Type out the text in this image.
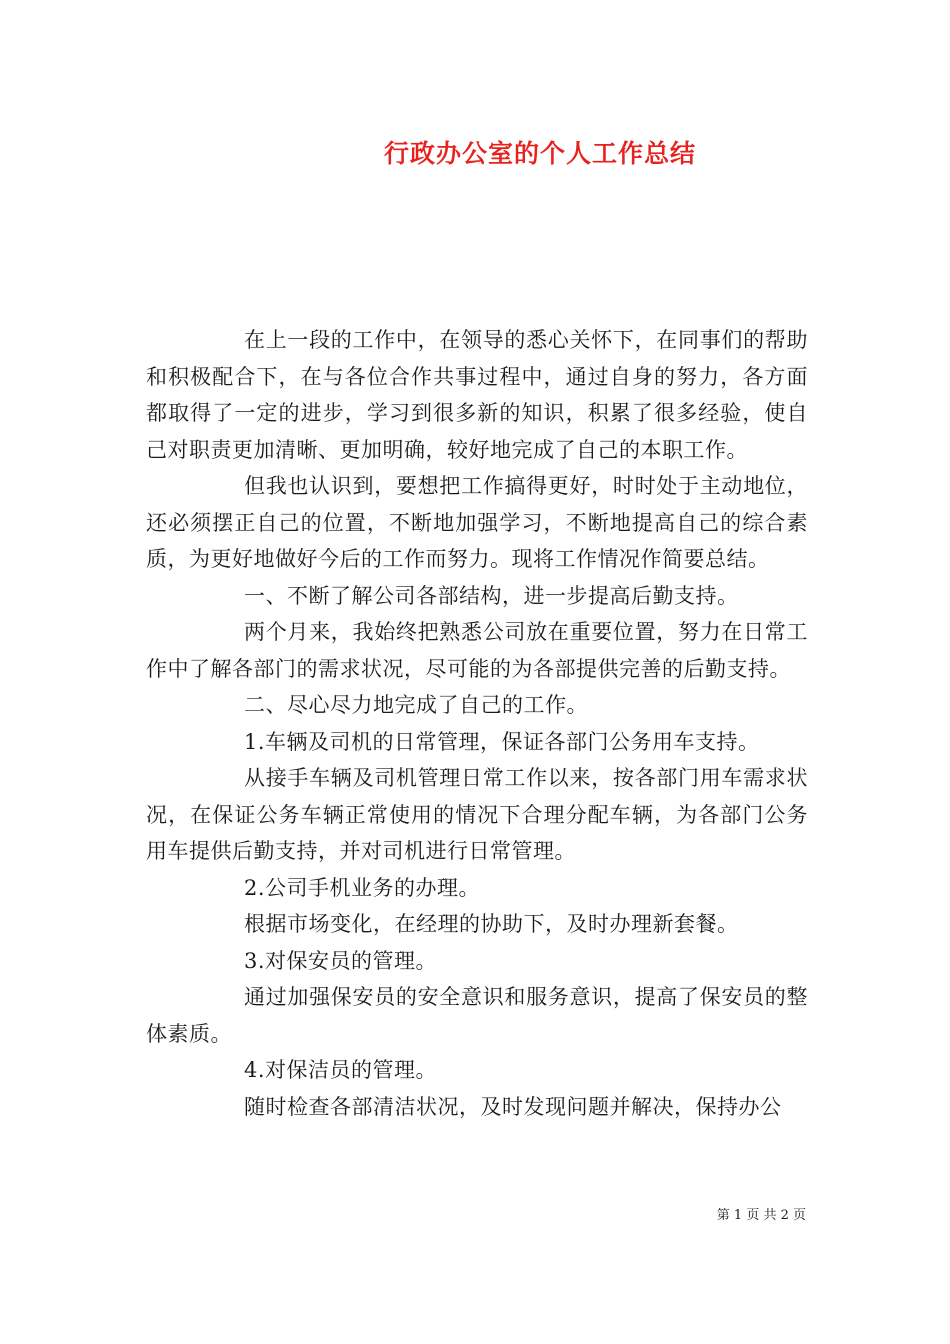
行政办公室的个人工作总结

在上一段的工作中，在领导的悉心关怀下，在同事们的帮助和积极配合下，在与各位合作共事过程中，通过自身的努力，各方面都取得了一定的进步，学习到很多新的知识，积累了很多经验，使自己对职责更加清晰、更加明确，较好地完成了自己的本职工作。

但我也认识到，要想把工作搞得更好，时时处于主动地位，还必须摆正自己的位置，不断地加强学习，不断地提高自己的综合素质，为更好地做好今后的工作而努力。现将工作情况作简要总结。

一、不断了解公司各部结构，进一步提高后勤支持。

两个月来，我始终把熟悉公司放在重要位置，努力在日常工作中了解各部门的需求状况，尽可能的为各部提供完善的后勤支持。

二、尽心尽力地完成了自己的工作。

1.车辆及司机的日常管理，保证各部门公务用车支持。

从接手车辆及司机管理日常工作以来，按各部门用车需求状况，在保证公务车辆正常使用的情况下合理分配车辆，为各部门公务用车提供后勤支持，并对司机进行日常管理。

2.公司手机业务的办理。

根据市场变化，在经理的协助下，及时办理新套餐。

3.对保安员的管理。

通过加强保安员的安全意识和服务意识，提高了保安员的整体素质。

4.对保洁员的管理。

随时检查各部清洁状况，及时发现问题并解决，保持办公

第 1 页 共 2 页
